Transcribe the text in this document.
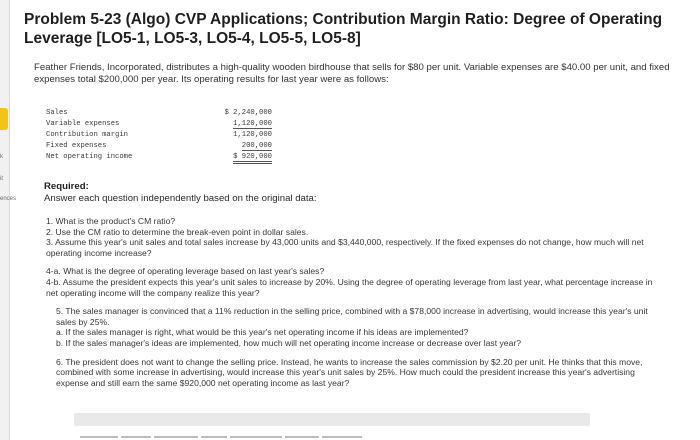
k
it
ences
Problem 5-23 (Algo) CVP Applications; Contribution Margin Ratio: Degree of Operating Leverage [LO5-1, LO5-3, LO5-4, LO5-5, LO5-8]
Feather Friends, Incorporated, distributes a high-quality wooden birdhouse that sells for $80 per unit. Variable expenses are $40.00 per unit, and fixed expenses total $200,000 per year. Its operating results for last year were as follows:
Sales	$ 2,240,000
Variable expenses	1,120,000
Contribution margin	1,120,000
Fixed expenses	200,000
Net operating income	$ 920,000
Required:
Answer each question independently based on the original data:

1. What is the product's CM ratio?

2. Use the CM ratio to determine the break-even point in dollar sales.

3. Assume this year's unit sales and total sales increase by 43,000 units and $3,440,000, respectively. If the fixed expenses do not change, how much will net operating income increase?

4-a. What is the degree of operating leverage based on last year's sales?

4-b. Assume the president expects this year's unit sales to increase by 20%. Using the degree of operating leverage from last year, what percentage increase in net operating income will the company realize this year?

5. The sales manager is convinced that a 11% reduction in the selling price, combined with a $78,000 increase in advertising, would increase this year's unit sales by 25%.

a. If the sales manager is right, what would be this year's net operating income if his ideas are implemented?

b. If the sales manager's ideas are implemented, how much will net operating income increase or decrease over last year?

6. The president does not want to change the selling price. Instead, he wants to increase the sales commission by $2.20 per unit. He thinks that this move, combined with some increase in advertising, would increase this year's unit sales by 25%. How much could the president increase this year's advertising expense and still earn the same $920,000 net operating income as last year?
